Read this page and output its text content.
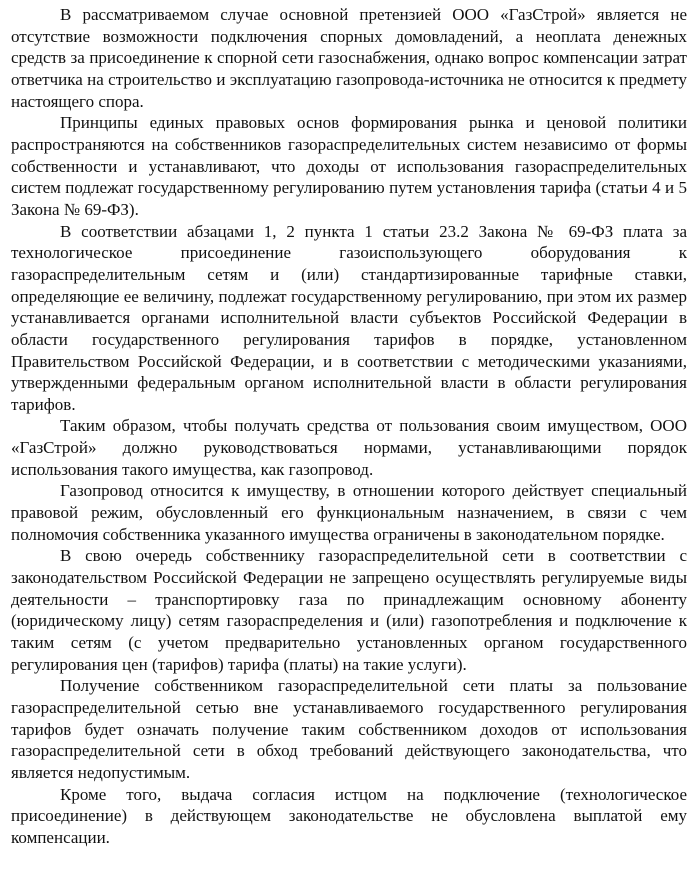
В рассматриваемом случае основной претензией ООО «ГазСтрой» является не отсутствие возможности подключения спорных домовладений, а неоплата денежных средств за присоединение к спорной сети газоснабжения, однако вопрос компенсации затрат ответчика на строительство и эксплуатацию газопровода-источника не относится к предмету настоящего спора.

Принципы единых правовых основ формирования рынка и ценовой политики распространяются на собственников газораспределительных систем независимо от формы собственности и устанавливают, что доходы от использования газораспределительных систем подлежат государственному регулированию путем установления тарифа (статьи 4 и 5 Закона № 69-ФЗ).

В соответствии абзацами 1, 2 пункта 1 статьи 23.2 Закона № 69-ФЗ плата за технологическое присоединение газоиспользующего оборудования к газораспределительным сетям и (или) стандартизированные тарифные ставки, определяющие ее величину, подлежат государственному регулированию, при этом их размер устанавливается органами исполнительной власти субъектов Российской Федерации в области государственного регулирования тарифов в порядке, установленном Правительством Российской Федерации, и в соответствии с методическими указаниями, утвержденными федеральным органом исполнительной власти в области регулирования тарифов.

Таким образом, чтобы получать средства от пользования своим имуществом, ООО «ГазСтрой» должно руководствоваться нормами, устанавливающими порядок использования такого имущества, как газопровод.

Газопровод относится к имуществу, в отношении которого действует специальный правовой режим, обусловленный его функциональным назначением, в связи с чем полномочия собственника указанного имущества ограничены в законодательном порядке.

В свою очередь собственнику газораспределительной сети в соответствии с законодательством Российской Федерации не запрещено осуществлять регулируемые виды деятельности – транспортировку газа по принадлежащим основному абоненту (юридическому лицу) сетям газораспределения и (или) газопотребления и подключение к таким сетям (с учетом предварительно установленных органом государственного регулирования цен (тарифов) тарифа (платы) на такие услуги).

Получение собственником газораспределительной сети платы за пользование газораспределительной сетью вне устанавливаемого государственного регулирования тарифов будет означать получение таким собственником доходов от использования газораспределительной сети в обход требований действующего законодательства, что является недопустимым.

Кроме того, выдача согласия истцом на подключение (технологическое присоединение) в действующем законодательстве не обусловлена выплатой ему компенсации.
